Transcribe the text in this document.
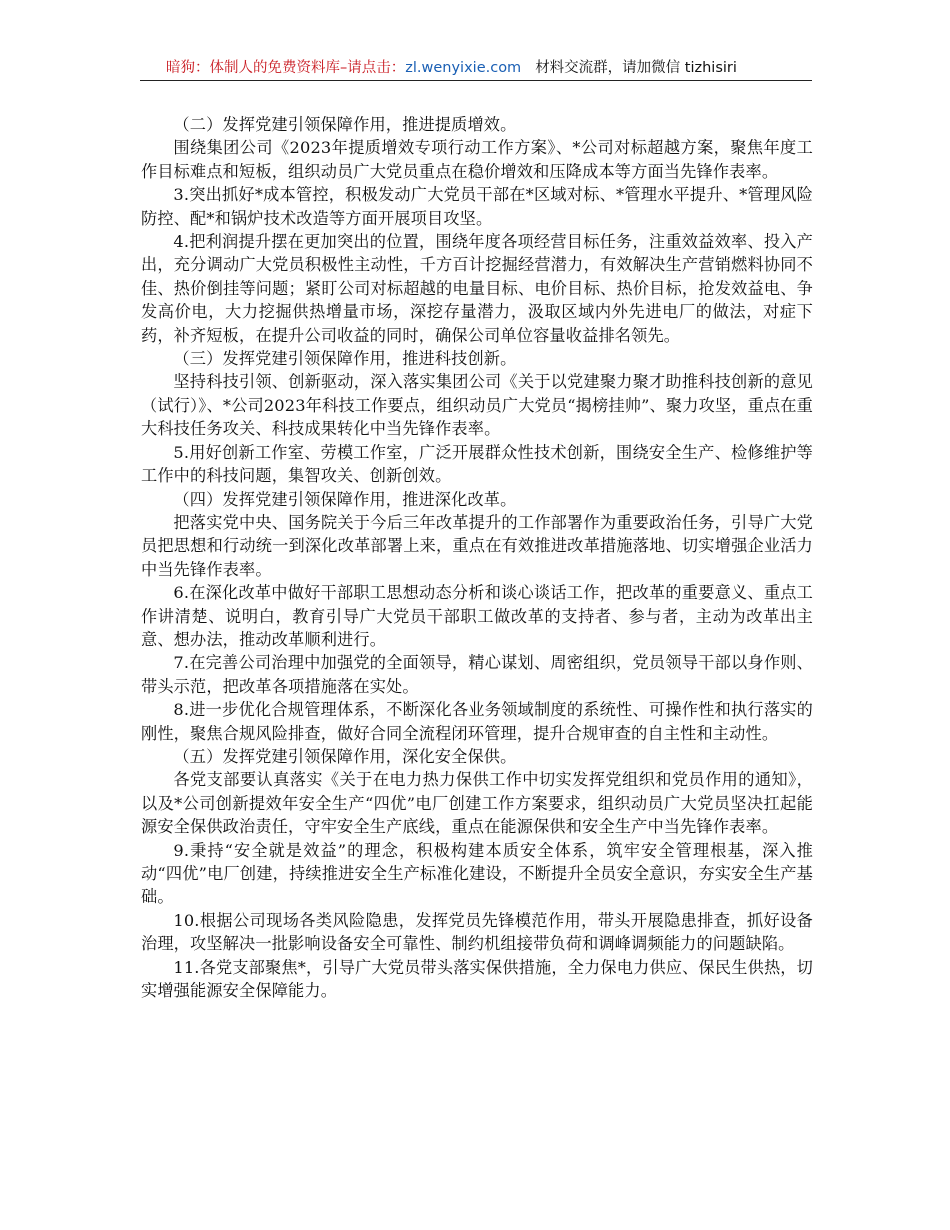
暗狗：体制人的免费资料库–请点击：zl.wenyixie.com 材料交流群，请加微信 tizhisiri

（二）发挥党建引领保障作用，推进提质增效。

围绕集团公司《2023年提质增效专项行动工作方案》、*公司对标超越方案，聚焦年度工作目标难点和短板，组织动员广大党员重点在稳价增效和压降成本等方面当先锋作表率。

3.突出抓好*成本管控，积极发动广大党员干部在*区域对标、*管理水平提升、*管理风险防控、配*和锅炉技术改造等方面开展项目攻坚。

4.把利润提升摆在更加突出的位置，围绕年度各项经营目标任务，注重效益效率、投入产出，充分调动广大党员积极性主动性，千方百计挖掘经营潜力，有效解决生产营销燃料协同不佳、热价倒挂等问题；紧盯公司对标超越的电量目标、电价目标、热价目标，抢发效益电、争发高价电，大力挖掘供热增量市场，深挖存量潜力，汲取区域内外先进电厂的做法，对症下药，补齐短板，在提升公司收益的同时，确保公司单位容量收益排名领先。

（三）发挥党建引领保障作用，推进科技创新。

坚持科技引领、创新驱动，深入落实集团公司《关于以党建聚力聚才助推科技创新的意见（试行）》、*公司2023年科技工作要点，组织动员广大党员“揭榜挂帅”、聚力攻坚，重点在重大科技任务攻关、科技成果转化中当先锋作表率。

5.用好创新工作室、劳模工作室，广泛开展群众性技术创新，围绕安全生产、检修维护等工作中的科技问题，集智攻关、创新创效。

（四）发挥党建引领保障作用，推进深化改革。

把落实党中央、国务院关于今后三年改革提升的工作部署作为重要政治任务，引导广大党员把思想和行动统一到深化改革部署上来，重点在有效推进改革措施落地、切实增强企业活力中当先锋作表率。

6.在深化改革中做好干部职工思想动态分析和谈心谈话工作，把改革的重要意义、重点工作讲清楚、说明白，教育引导广大党员干部职工做改革的支持者、参与者，主动为改革出主意、想办法，推动改革顺利进行。

7.在完善公司治理中加强党的全面领导，精心谋划、周密组织，党员领导干部以身作则、带头示范，把改革各项措施落在实处。

8.进一步优化合规管理体系，不断深化各业务领域制度的系统性、可操作性和执行落实的刚性，聚焦合规风险排查，做好合同全流程闭环管理，提升合规审查的自主性和主动性。

（五）发挥党建引领保障作用，深化安全保供。

各党支部要认真落实《关于在电力热力保供工作中切实发挥党组织和党员作用的通知》，以及*公司创新提效年安全生产“四优”电厂创建工作方案要求，组织动员广大党员坚决扛起能源安全保供政治责任，守牢安全生产底线，重点在能源保供和安全生产中当先锋作表率。

9.秉持“安全就是效益”的理念，积极构建本质安全体系，筑牢安全管理根基，深入推动“四优”电厂创建，持续推进安全生产标准化建设，不断提升全员安全意识，夯实安全生产基础。

10.根据公司现场各类风险隐患，发挥党员先锋模范作用，带头开展隐患排查，抓好设备治理，攻坚解决一批影响设备安全可靠性、制约机组接带负荷和调峰调频能力的问题缺陷。

11.各党支部聚焦*，引导广大党员带头落实保供措施，全力保电力供应、保民生供热，切实增强能源安全保障能力。
